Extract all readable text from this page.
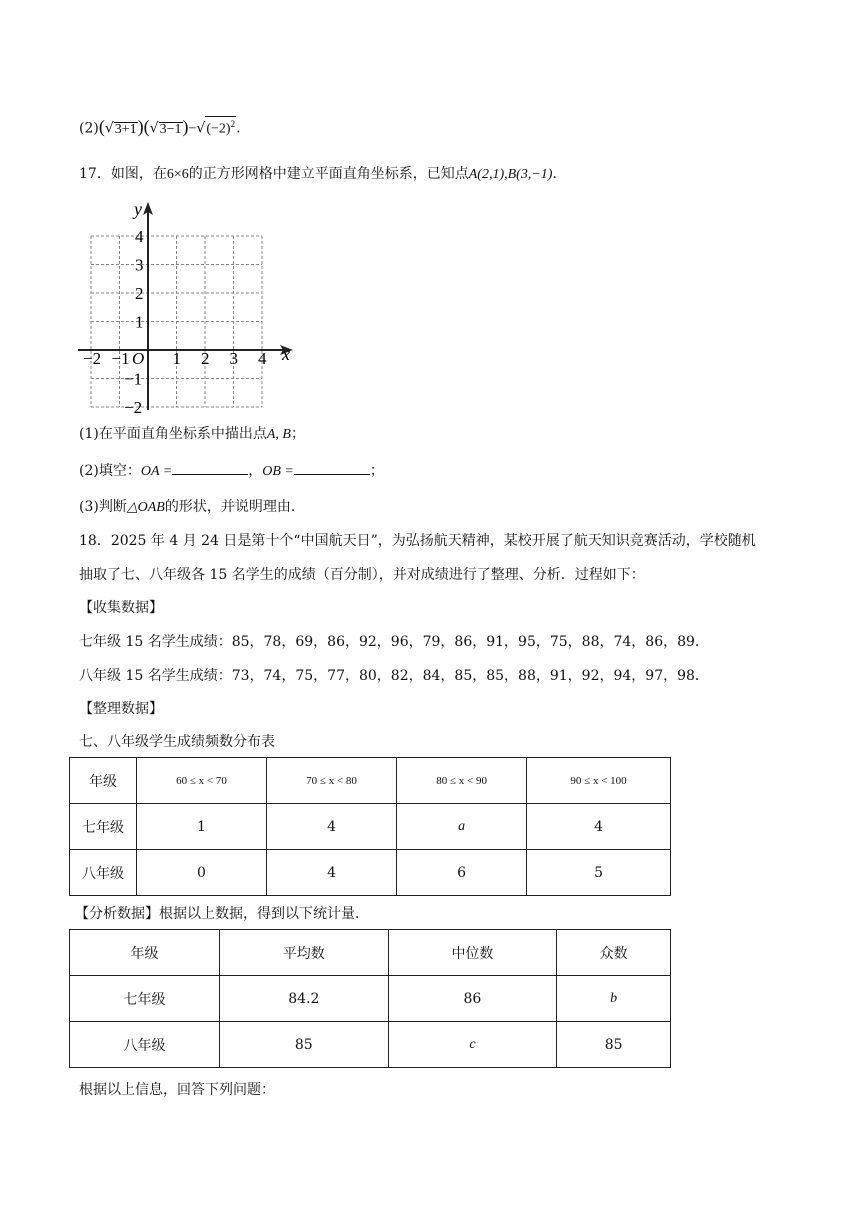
$(2)(√3+1)(√3-1)-√(-2)^2$.
17．如图，在6×6的正方形网格中建立平面直角坐标系，已知点A(2,1),B(3,−1)．
x
y
O
−2 −1	1 2 3 4
4
3
2
1
−1
−2
(1)在平面直角坐标系中描出点A, B；
(2)填空：OA =	，OB =	；
(3)判断△OAB的形状，并说明理由．
18．2025 年 4 月 24 日是第十个“中国航天日”，为弘扬航天精神，某校开展了航天知识竞赛活动，学校随机
抽取了七、八年级各 15 名学生的成绩（百分制），并对成绩进行了整理、分析．过程如下：
【收集数据】
七年级 15 名学生成绩：85，78，69，86，92，96，79，86，91，95，75，88，74，86，89．
八年级 15 名学生成绩：73，74，75，77，80，82，84，85，85，88，91，92，94，97，98．
【整理数据】
七、八年级学生成绩频数分布表
年级	60 ≤ x < 70	70 ≤ x < 80	80 ≤ x < 90	90 ≤ x < 100
七年级	1	4	a	4
八年级	0	4	6	5
【分析数据】根据以上数据，得到以下统计量．
年级	平均数	中位数	众数
七年级	84.2	86	b
八年级	85	c	85
根据以上信息，回答下列问题：
